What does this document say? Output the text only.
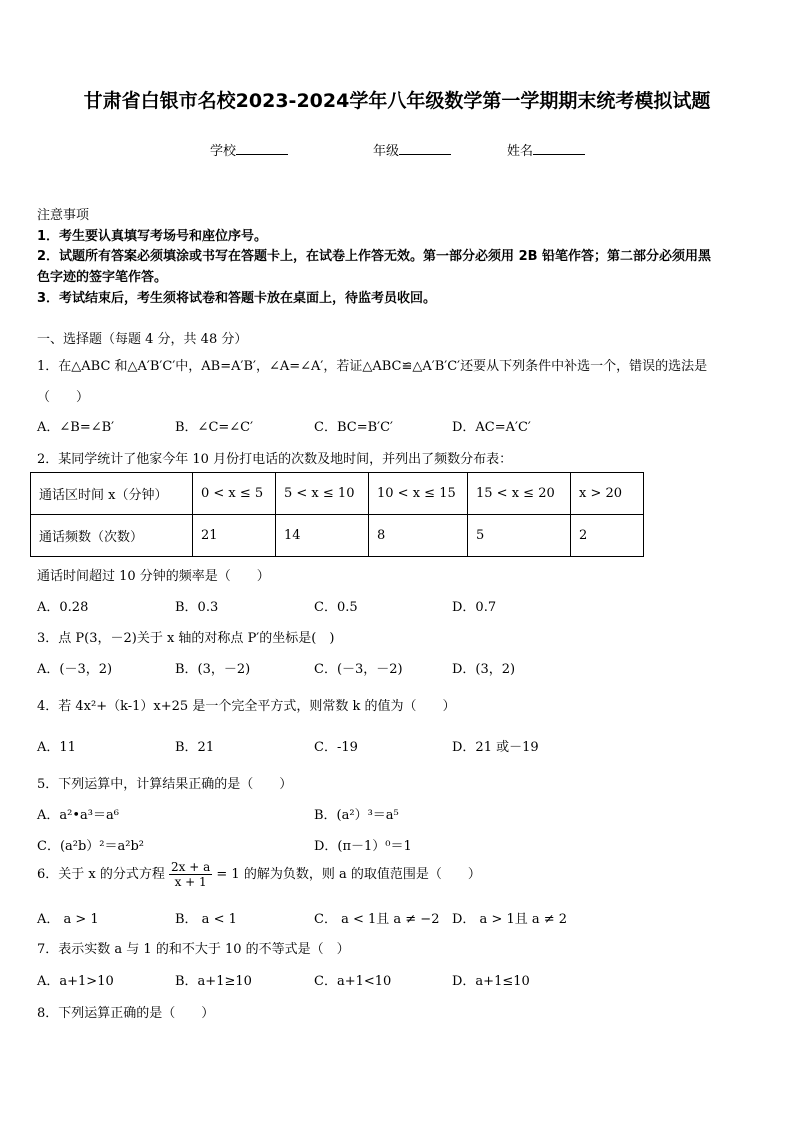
甘肃省白银市名校2023-2024学年八年级数学第一学期期末统考模拟试题
学校	年级	姓名
注意事项
1．考生要认真填写考场号和座位序号。
2．试题所有答案必须填涂或书写在答题卡上，在试卷上作答无效。第一部分必须用 2B 铅笔作答；第二部分必须用黑
色字迹的签字笔作答。
3．考试结束后，考生须将试卷和答题卡放在桌面上，待监考员收回。
一、选择题（每题 4 分，共 48 分）
1．在△ABC 和△A′B′C′中，AB=A′B′，∠A=∠A′，若证△ABC≌△A′B′C′还要从下列条件中补选一个，错误的选法是
（　　）
A．∠B=∠B′	B．∠C=∠C′	C．BC=B′C′	D．AC=A′C′
2．某同学统计了他家今年 10 月份打电话的次数及地时间，并列出了频数分布表：
通话区时间 x（分钟）	0 < x ≤ 5	5 < x ≤ 10	10 < x ≤ 15	15 < x ≤ 20	x > 20
通话频数（次数）	21	14	8	5	2
通话时间超过 10 分钟的频率是（　　）
A．0.28	B．0.3	C．0.5	D．0.7
3．点 P(3，－2)关于 x 轴的对称点 P′的坐标是(　)
A．(－3，2)	B．(3，－2)	C．(－3，－2)	D．(3，2)
4．若 4x²+（k-1）x+25 是一个完全平方式，则常数 k 的值为（　　）
A．11	B．21	C．-19	D．21 或－19
5．下列运算中，计算结果正确的是（　　）
A．a²•a³＝a⁶	B．(a²）³＝a⁵
C．(a²b）²＝a²b²	D．(π－1）⁰＝1
6．关于 x 的分式方程 $\frac{2x + a}{x + 1} = 1$ 的解为负数，则 a 的取值范围是（　　）
A． a > 1	B． a < 1	C． a < 1且 a ≠ −2 D． a > 1且 a ≠ 2
7．表示实数 a 与 1 的和不大于 10 的不等式是（　）
A．a+1>10	B．a+1≥10	C．a+1<10	D．a+1≤10
8．下列运算正确的是（　　）
